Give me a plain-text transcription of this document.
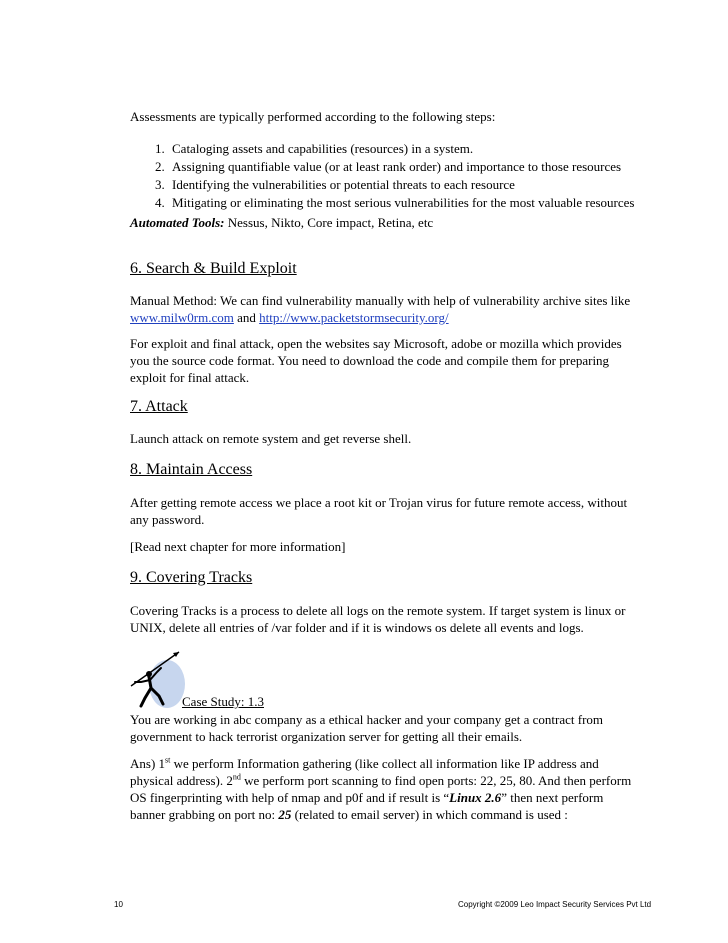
Assessments are typically performed according to the following steps:
1. Cataloging assets and capabilities (resources) in a system.
2. Assigning quantifiable value (or at least rank order) and importance to those resources
3. Identifying the vulnerabilities or potential threats to each resource
4. Mitigating or eliminating the most serious vulnerabilities for the most valuable resources
Automated Tools: Nessus, Nikto, Core impact, Retina, etc
6. Search & Build Exploit
Manual Method: We can find vulnerability manually with help of vulnerability archive sites like
www.milw0rm.com and http://www.packetstormsecurity.org/
For exploit and final attack, open the websites say Microsoft, adobe or mozilla which provides
you the source code format. You need to download the code and compile them for preparing
exploit for final attack.
7. Attack
Launch attack on remote system and get reverse shell.
8. Maintain Access
After getting remote access we place a root kit or Trojan virus for future remote access, without
any password.
[Read next chapter for more information]
9. Covering Tracks
Covering Tracks is a process to delete all logs on the remote system. If target system is linux or
UNIX, delete all entries of /var folder and if it is windows os delete all events and logs.
Case Study: 1.3
You are working in abc company as a ethical hacker and your company get a contract from
government to hack terrorist organization server for getting all their emails.
Ans) 1st we perform Information gathering (like collect all information like IP address and
physical address). 2nd we perform port scanning to find open ports: 22, 25, 80. And then perform
OS fingerprinting with help of nmap and p0f and if result is “Linux 2.6” then next perform
banner grabbing on port no: 25 (related to email server) in which command is used :
10	Copyright ©2009 Leo Impact Security Services Pvt Ltd
